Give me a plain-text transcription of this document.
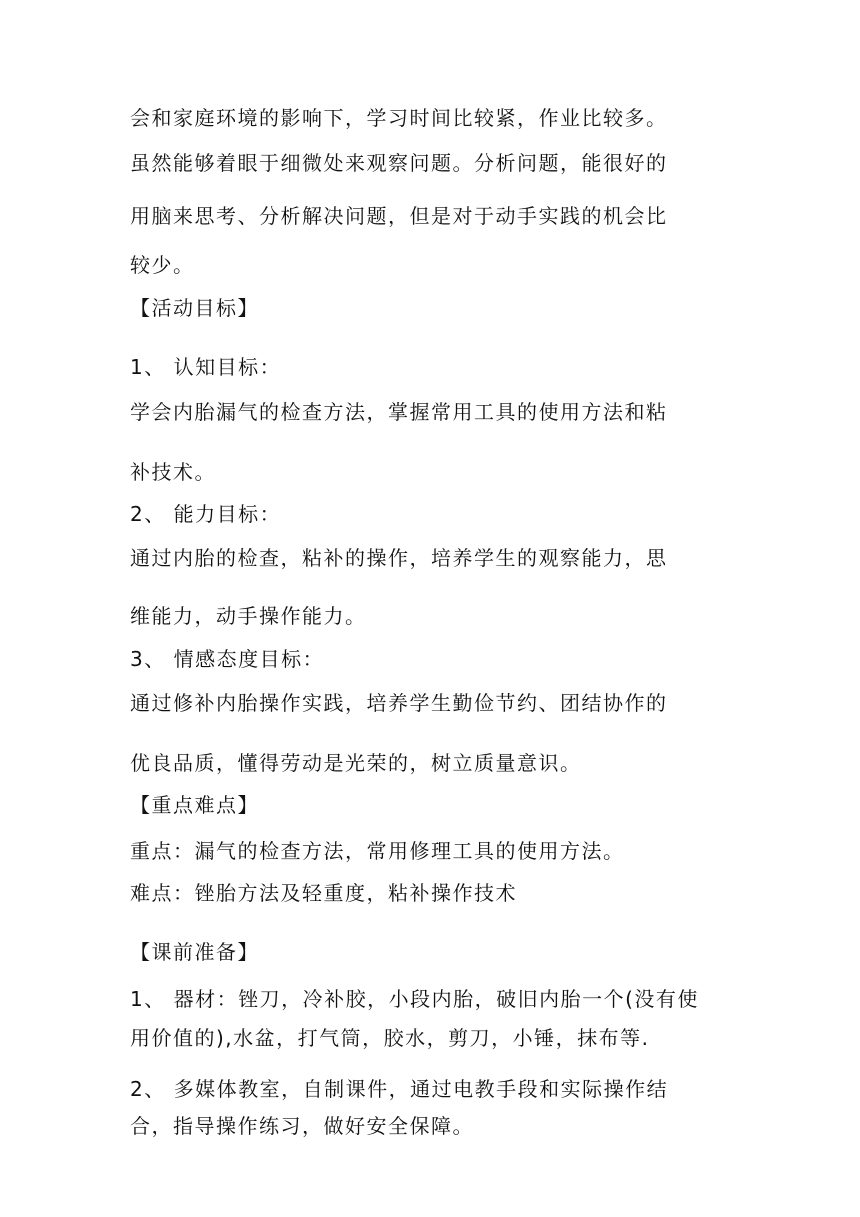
会和家庭环境的影响下，学习时间比较紧，作业比较多。
虽然能够着眼于细微处来观察问题。分析问题，能很好的
用脑来思考、分析解决问题，但是对于动手实践的机会比
较少。
【活动目标】
1、 认知目标：
学会内胎漏气的检查方法，掌握常用工具的使用方法和粘
补技术。
2、 能力目标：
通过内胎的检查，粘补的操作，培养学生的观察能力，思
维能力，动手操作能力。
3、 情感态度目标：
通过修补内胎操作实践，培养学生勤俭节约、团结协作的
优良品质，懂得劳动是光荣的，树立质量意识。
【重点难点】
重点：漏气的检查方法，常用修理工具的使用方法。
难点：锉胎方法及轻重度，粘补操作技术
【课前准备】
1、 器材：锉刀，冷补胶，小段内胎，破旧内胎一个(没有使
用价值的),水盆，打气筒，胶水，剪刀，小锤，抹布等.
2、 多媒体教室，自制课件，通过电教手段和实际操作结
合，指导操作练习，做好安全保障。
